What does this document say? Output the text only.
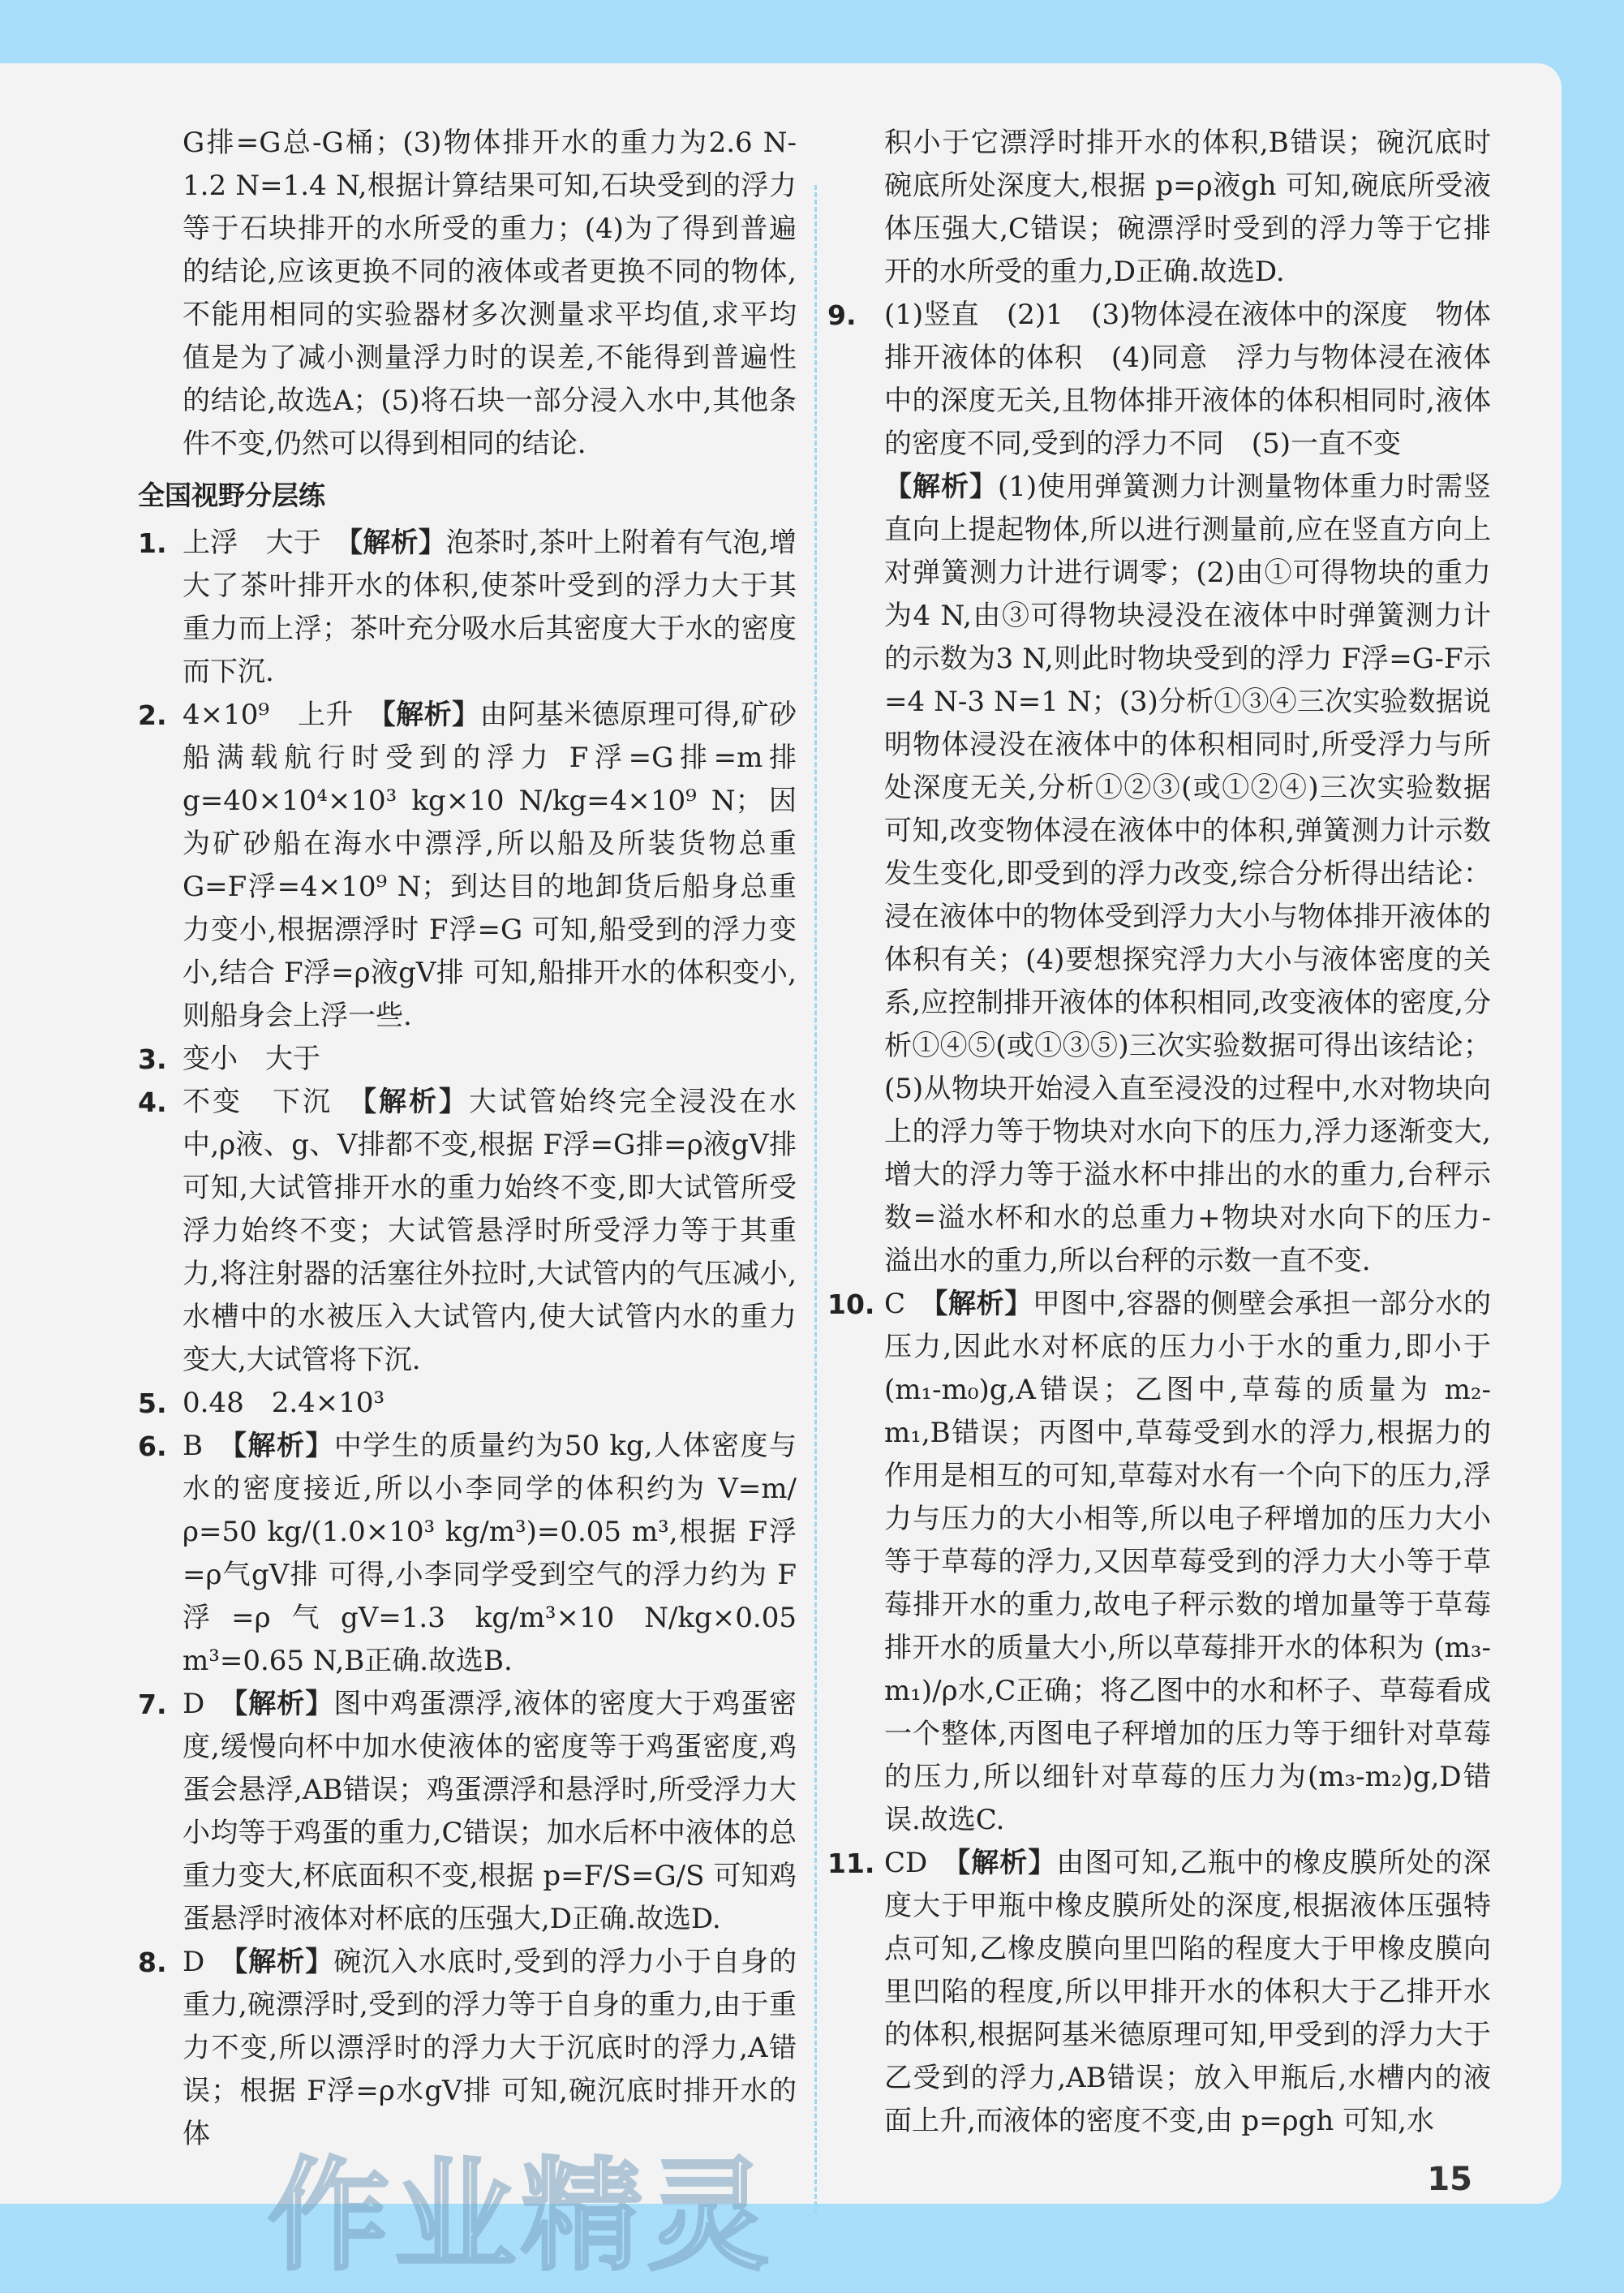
G排=G总-G桶；(3)物体排开水的重力为2.6 N-1.2 N=1.4 N,根据计算结果可知,石块受到的浮力等于石块排开的水所受的重力；(4)为了得到普遍的结论,应该更换不同的液体或者更换不同的物体,不能用相同的实验器材多次测量求平均值,求平均值是为了减小测量浮力时的误差,不能得到普遍性的结论,故选A；(5)将石块一部分浸入水中,其他条件不变,仍然可以得到相同的结论.

全国视野分层练

1. 上浮　大于　【解析】泡茶时,茶叶上附着有气泡,增大了茶叶排开水的体积,使茶叶受到的浮力大于其重力而上浮；茶叶充分吸水后其密度大于水的密度而下沉.

2. 4×10⁹　上升　【解析】由阿基米德原理可得,矿砂船满载航行时受到的浮力 F浮=G排=m排g=40×10⁴×10³ kg×10 N/kg=4×10⁹ N；因为矿砂船在海水中漂浮,所以船及所装货物总重 G=F浮=4×10⁹ N；到达目的地卸货后船身总重力变小,根据漂浮时 F浮=G 可知,船受到的浮力变小,结合 F浮=ρ液gV排 可知,船排开水的体积变小,则船身会上浮一些.

3. 变小　大于

4. 不变　下沉　【解析】大试管始终完全浸没在水中,ρ液、g、V排都不变,根据 F浮=G排=ρ液gV排 可知,大试管排开水的重力始终不变,即大试管所受浮力始终不变；大试管悬浮时所受浮力等于其重力,将注射器的活塞往外拉时,大试管内的气压减小,水槽中的水被压入大试管内,使大试管内水的重力变大,大试管将下沉.

5. 0.48　2.4×10³

6. B　【解析】中学生的质量约为50 kg,人体密度与水的密度接近,所以小李同学的体积约为 V=m/ρ=50 kg/(1.0×10³ kg/m³)=0.05 m³,根据 F浮=ρ气gV排 可得,小李同学受到空气的浮力约为 F浮=ρ气gV=1.3 kg/m³×10 N/kg×0.05 m³=0.65 N,B正确.故选B.

7. D　【解析】图中鸡蛋漂浮,液体的密度大于鸡蛋密度,缓慢向杯中加水使液体的密度等于鸡蛋密度,鸡蛋会悬浮,AB错误；鸡蛋漂浮和悬浮时,所受浮力大小均等于鸡蛋的重力,C错误；加水后杯中液体的总重力变大,杯底面积不变,根据 p=F/S=G/S 可知鸡蛋悬浮时液体对杯底的压强大,D正确.故选D.

8. D　【解析】碗沉入水底时,受到的浮力小于自身的重力,碗漂浮时,受到的浮力等于自身的重力,由于重力不变,所以漂浮时的浮力大于沉底时的浮力,A错误；根据 F浮=ρ水gV排 可知,碗沉底时排开水的体

积小于它漂浮时排开水的体积,B错误；碗沉底时碗底所处深度大,根据 p=ρ液gh 可知,碗底所受液体压强大,C错误；碗漂浮时受到的浮力等于它排开的水所受的重力,D正确.故选D.

9. (1)竖直　(2)1　(3)物体浸在液体中的深度　物体排开液体的体积　(4)同意　浮力与物体浸在液体中的深度无关,且物体排开液体的体积相同时,液体的密度不同,受到的浮力不同　(5)一直不变
【解析】(1)使用弹簧测力计测量物体重力时需竖直向上提起物体,所以进行测量前,应在竖直方向上对弹簧测力计进行调零；(2)由①可得物块的重力为4 N,由③可得物块浸没在液体中时弹簧测力计的示数为3 N,则此时物块受到的浮力 F浮=G-F示=4 N-3 N=1 N；(3)分析①③④三次实验数据说明物体浸没在液体中的体积相同时,所受浮力与所处深度无关,分析①②③(或①②④)三次实验数据可知,改变物体浸在液体中的体积,弹簧测力计示数发生变化,即受到的浮力改变,综合分析得出结论：浸在液体中的物体受到浮力大小与物体排开液体的体积有关；(4)要想探究浮力大小与液体密度的关系,应控制排开液体的体积相同,改变液体的密度,分析①④⑤(或①③⑤)三次实验数据可得出该结论；(5)从物块开始浸入直至浸没的过程中,水对物块向上的浮力等于物块对水向下的压力,浮力逐渐变大,增大的浮力等于溢水杯中排出的水的重力,台秤示数=溢水杯和水的总重力+物块对水向下的压力-溢出水的重力,所以台秤的示数一直不变.

10. C　【解析】甲图中,容器的侧壁会承担一部分水的压力,因此水对杯底的压力小于水的重力,即小于(m₁-m₀)g,A错误；乙图中,草莓的质量为 m₂-m₁,B错误；丙图中,草莓受到水的浮力,根据力的作用是相互的可知,草莓对水有一个向下的压力,浮力与压力的大小相等,所以电子秤增加的压力大小等于草莓的浮力,又因草莓受到的浮力大小等于草莓排开水的重力,故电子秤示数的增加量等于草莓排开水的质量大小,所以草莓排开水的体积为 (m₃-m₁)/ρ水,C正确；将乙图中的水和杯子、草莓看成一个整体,丙图电子秤增加的压力等于细针对草莓的压力,所以细针对草莓的压力为(m₃-m₂)g,D错误.故选C.

11. CD　【解析】由图可知,乙瓶中的橡皮膜所处的深度大于甲瓶中橡皮膜所处的深度,根据液体压强特点可知,乙橡皮膜向里凹陷的程度大于甲橡皮膜向里凹陷的程度,所以甲排开水的体积大于乙排开水的体积,根据阿基米德原理可知,甲受到的浮力大于乙受到的浮力,AB错误；放入甲瓶后,水槽内的液面上升,而液体的密度不变,由 p=ρgh 可知,水

15
作业精灵
